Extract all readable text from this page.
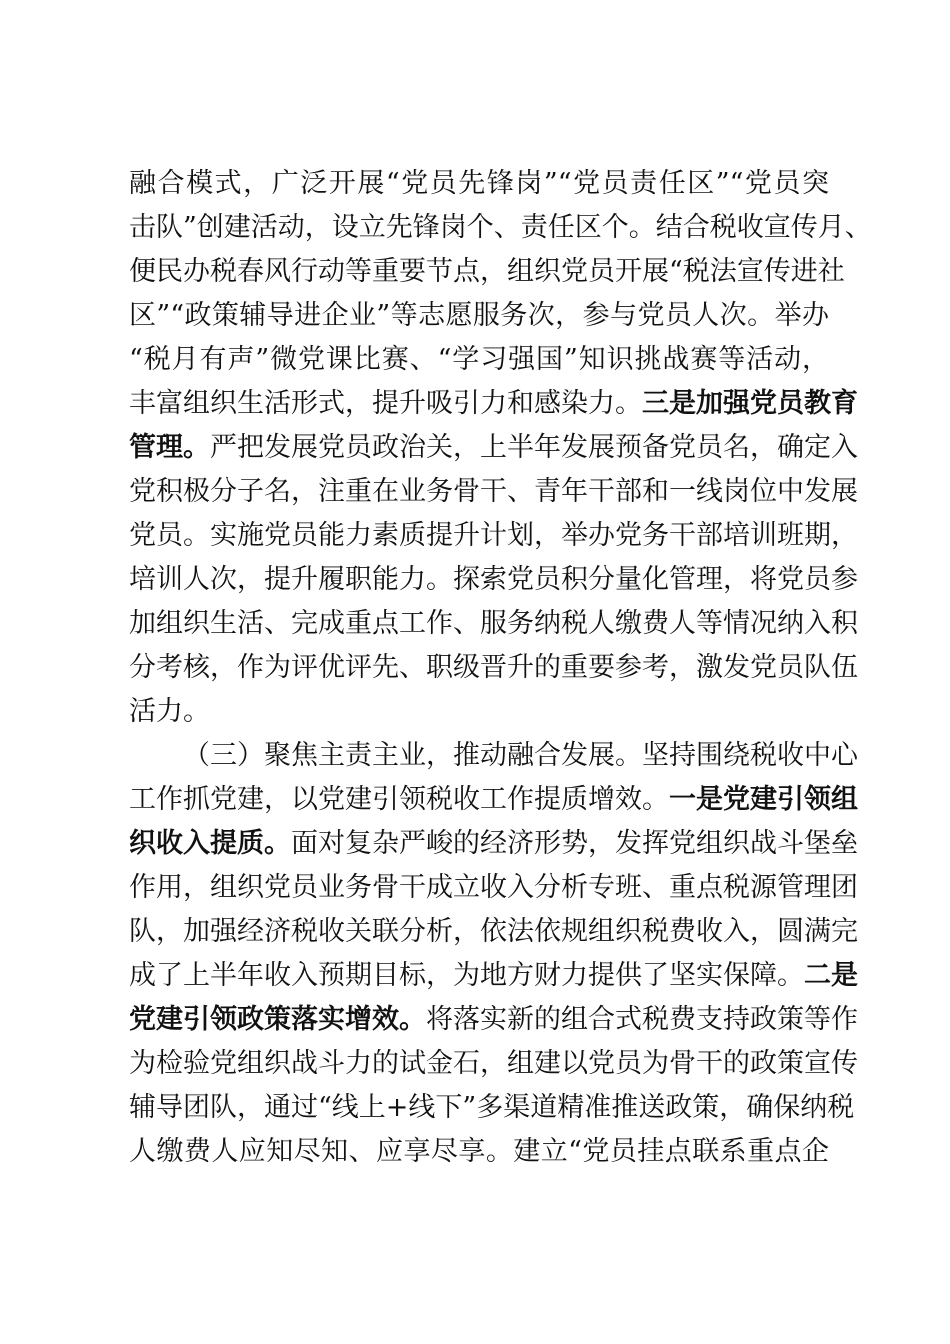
融合模式，广泛开展“党员先锋岗”“党员责任区”“党员突
击队”创建活动，设立先锋岗个、责任区个。结合税收宣传月、
便民办税春风行动等重要节点，组织党员开展“税法宣传进社
区”“政策辅导进企业”等志愿服务次，参与党员人次。举办
“税月有声”微党课比赛、“学习强国”知识挑战赛等活动，
丰富组织生活形式，提升吸引力和感染力。三是加强党员教育
管理。严把发展党员政治关，上半年发展预备党员名，确定入
党积极分子名，注重在业务骨干、青年干部和一线岗位中发展
党员。实施党员能力素质提升计划，举办党务干部培训班期，
培训人次，提升履职能力。探索党员积分量化管理，将党员参
加组织生活、完成重点工作、服务纳税人缴费人等情况纳入积
分考核，作为评优评先、职级晋升的重要参考，激发党员队伍
活力。
（三）聚焦主责主业，推动融合发展。坚持围绕税收中心
工作抓党建，以党建引领税收工作提质增效。一是党建引领组
织收入提质。面对复杂严峻的经济形势，发挥党组织战斗堡垒
作用，组织党员业务骨干成立收入分析专班、重点税源管理团
队，加强经济税收关联分析，依法依规组织税费收入，圆满完
成了上半年收入预期目标，为地方财力提供了坚实保障。二是
党建引领政策落实增效。将落实新的组合式税费支持政策等作
为检验党组织战斗力的试金石，组建以党员为骨干的政策宣传
辅导团队，通过“线上+线下”多渠道精准推送政策，确保纳税
人缴费人应知尽知、应享尽享。建立“党员挂点联系重点企
